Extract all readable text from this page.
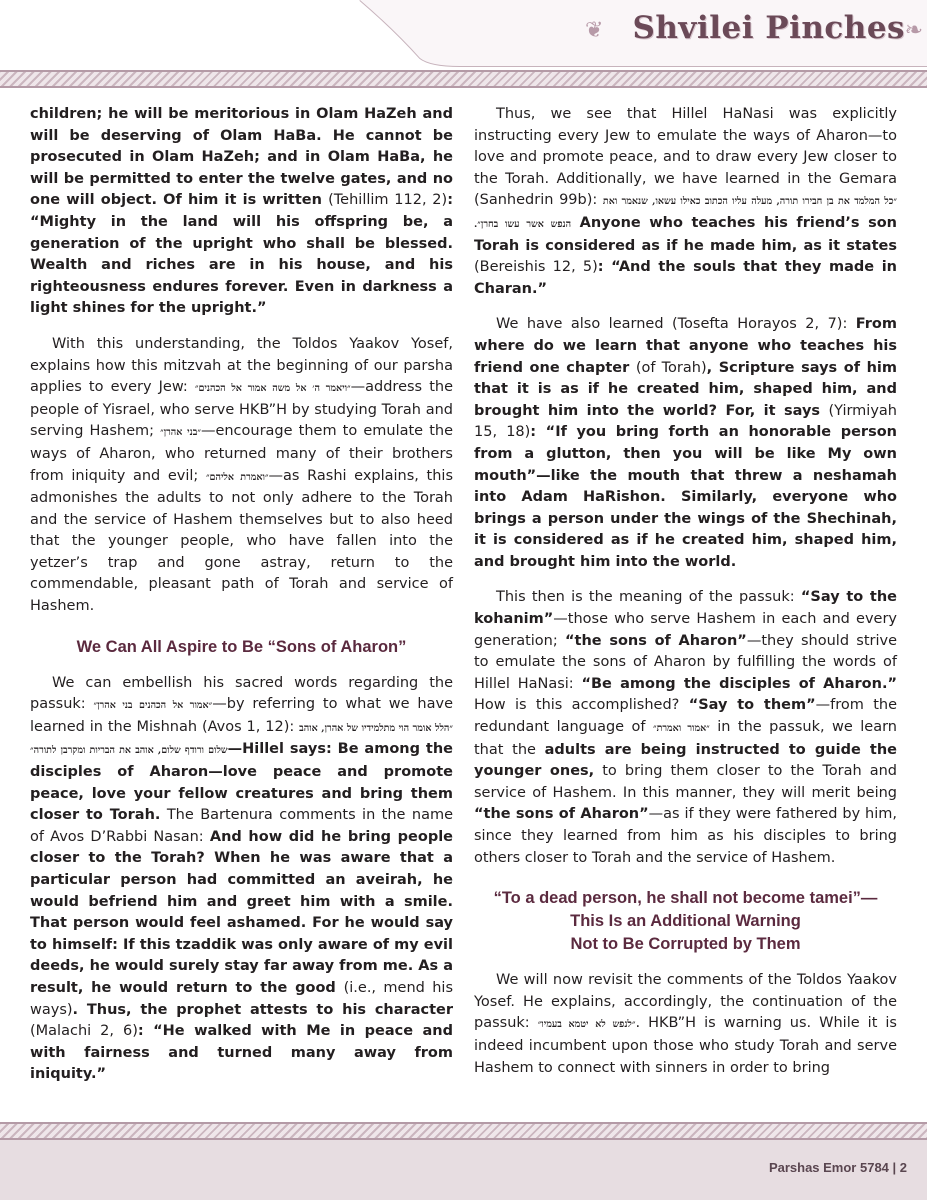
❦ Shvilei Pinches ❧

children; he will be meritorious in Olam HaZeh and will be deserving of Olam HaBa. He cannot be prosecuted in Olam HaZeh; and in Olam HaBa, he will be permitted to enter the twelve gates, and no one will object. Of him it is written (Tehillim 112, 2): “Mighty in the land will his offspring be, a generation of the upright who shall be blessed. Wealth and riches are in his house, and his righteousness endures forever. Even in darkness a light shines for the upright.”

With this understanding, the Toldos Yaakov Yosef, explains how this mitzvah at the beginning of our parsha applies to every Jew: ״ויאמר ה׳ אל משה אמור אל הכהנים״—address the people of Yisrael, who serve HKB”H by studying Torah and serving Hashem; ״בני אהרן״—encourage them to emulate the ways of Aharon, who returned many of their brothers from iniquity and evil; ״ואמרת אליהם״—as Rashi explains, this admonishes the adults to not only adhere to the Torah and the service of Hashem themselves but to also heed that the younger people, who have fallen into the yetzer’s trap and gone astray, return to the commendable, pleasant path of Torah and service of Hashem.

We Can All Aspire to Be “Sons of Aharon”

We can embellish his sacred words regarding the passuk: ״אמור אל הכהנים בני אהרן״—by referring to what we have learned in the Mishnah (Avos 1, 12): ״הלל אומר הוי מתלמידיו של אהרן, אוהב שלום ורודף שלום, אוהב את הבריות ומקרבן לתורה״—Hillel says: Be among the disciples of Aharon—love peace and promote peace, love your fellow creatures and bring them closer to Torah. The Bartenura comments in the name of Avos D’Rabbi Nasan: And how did he bring people closer to the Torah? When he was aware that a particular person had committed an aveirah, he would befriend him and greet him with a smile. That person would feel ashamed. For he would say to himself: If this tzaddik was only aware of my evil deeds, he would surely stay far away from me. As a result, he would return to the good (i.e., mend his ways). Thus, the prophet attests to his character (Malachi 2, 6): “He walked with Me in peace and with fairness and turned many away from iniquity.”

Thus, we see that Hillel HaNasi was explicitly instructing every Jew to emulate the ways of Aharon—to love and promote peace, and to draw every Jew closer to the Torah. Additionally, we have learned in the Gemara (Sanhedrin 99b): ״כל המלמד את בן חבירו תורה, מעלה עליו הכתוב כאילו עשאו, שנאמר ואת הנפש אשר עשו בחרן״. Anyone who teaches his friend’s son Torah is considered as if he made him, as it states (Bereishis 12, 5): “And the souls that they made in Charan.”

We have also learned (Tosefta Horayos 2, 7): From where do we learn that anyone who teaches his friend one chapter (of Torah), Scripture says of him that it is as if he created him, shaped him, and brought him into the world? For, it says (Yirmiyah 15, 18): “If you bring forth an honorable person from a glutton, then you will be like My own mouth”—like the mouth that threw a neshamah into Adam HaRishon. Similarly, everyone who brings a person under the wings of the Shechinah, it is considered as if he created him, shaped him, and brought him into the world.

This then is the meaning of the passuk: “Say to the kohanim”—those who serve Hashem in each and every generation; “the sons of Aharon”—they should strive to emulate the sons of Aharon by fulfilling the words of Hillel HaNasi: “Be among the disciples of Aharon.” How is this accomplished? “Say to them”—from the redundant language of ״אמור ואמרת״ in the passuk, we learn that the adults are being instructed to guide the younger ones, to bring them closer to the Torah and service of Hashem. In this manner, they will merit being “the sons of Aharon”—as if they were fathered by him, since they learned from him as his disciples to bring others closer to Torah and the service of Hashem.

“To a dead person, he shall not become tamei”—
This Is an Additional Warning
Not to Be Corrupted by Them

We will now revisit the comments of the Toldos Yaakov Yosef. He explains, accordingly, the continuation of the passuk: ״לנפש לא יטמא בעמיו״. HKB”H is warning us. While it is indeed incumbent upon those who study Torah and serve Hashem to connect with sinners in order to bring

Parshas Emor 5784 | 2
